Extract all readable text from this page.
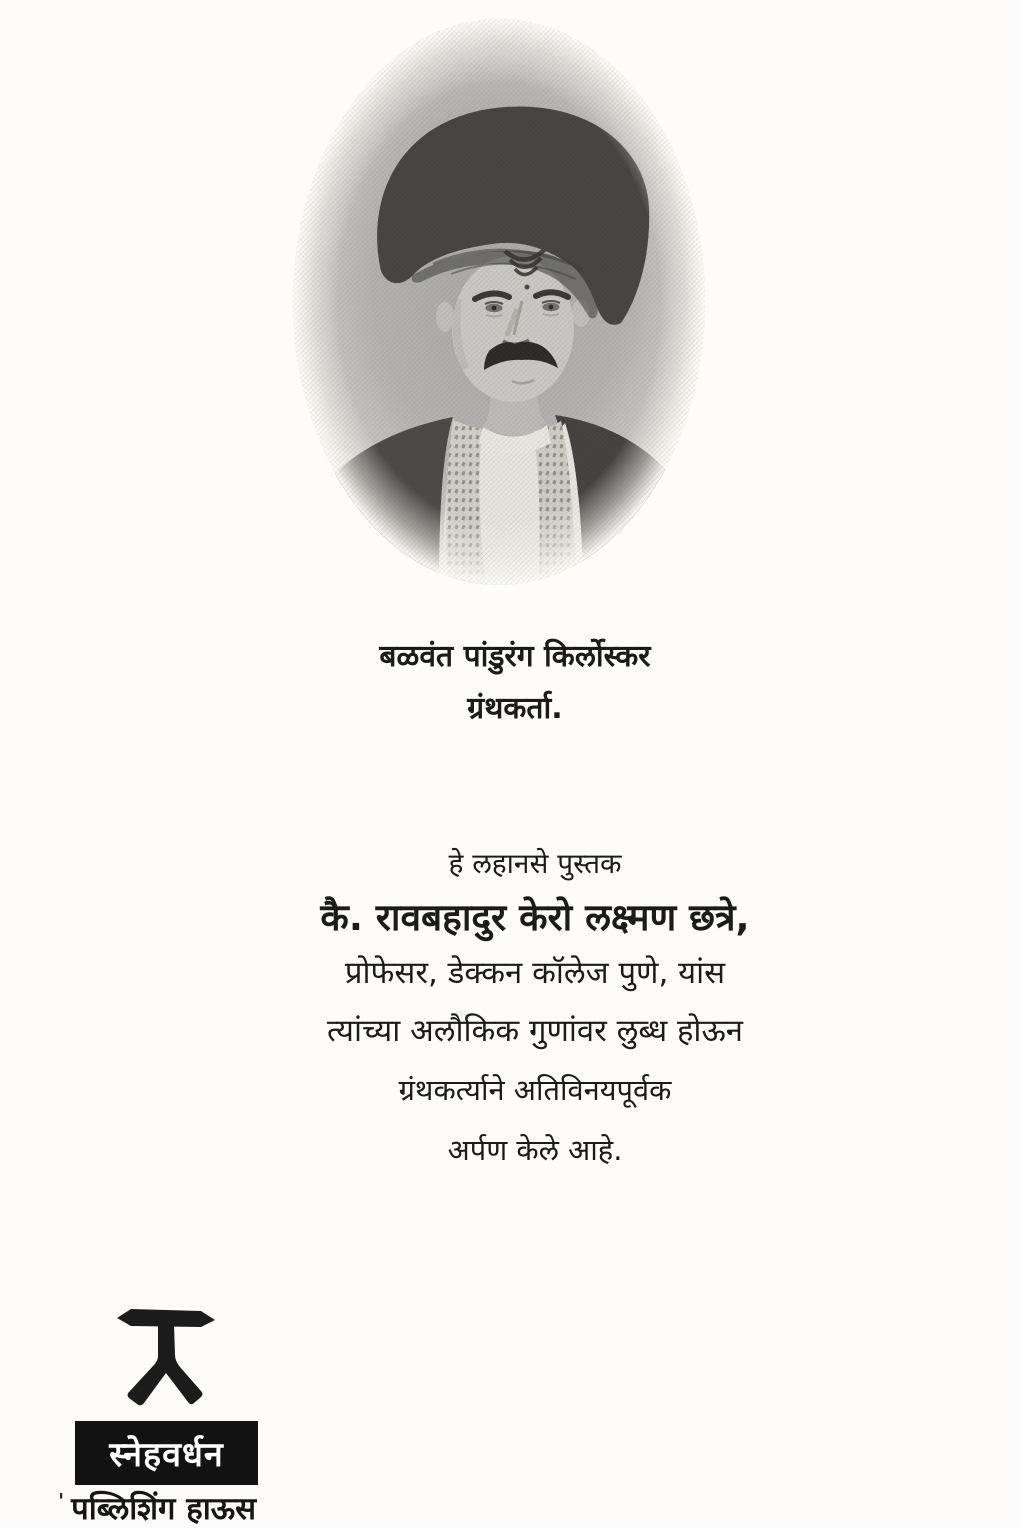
बळवंत पांडुरंग किर्लोस्कर
ग्रंथकर्ता.
हे लहानसे पुस्तक
कै. रावबहादुर केरो लक्ष्मण छत्रे,
प्रोफेसर, डेक्कन कॉलेज पुणे, यांस
त्यांच्या अलौकिक गुणांवर लुब्ध होऊन
ग्रंथकर्त्याने अतिविनयपूर्वक
अर्पण केले आहे.
स्नेहवर्धन
' पब्लिशिंग हाऊस
